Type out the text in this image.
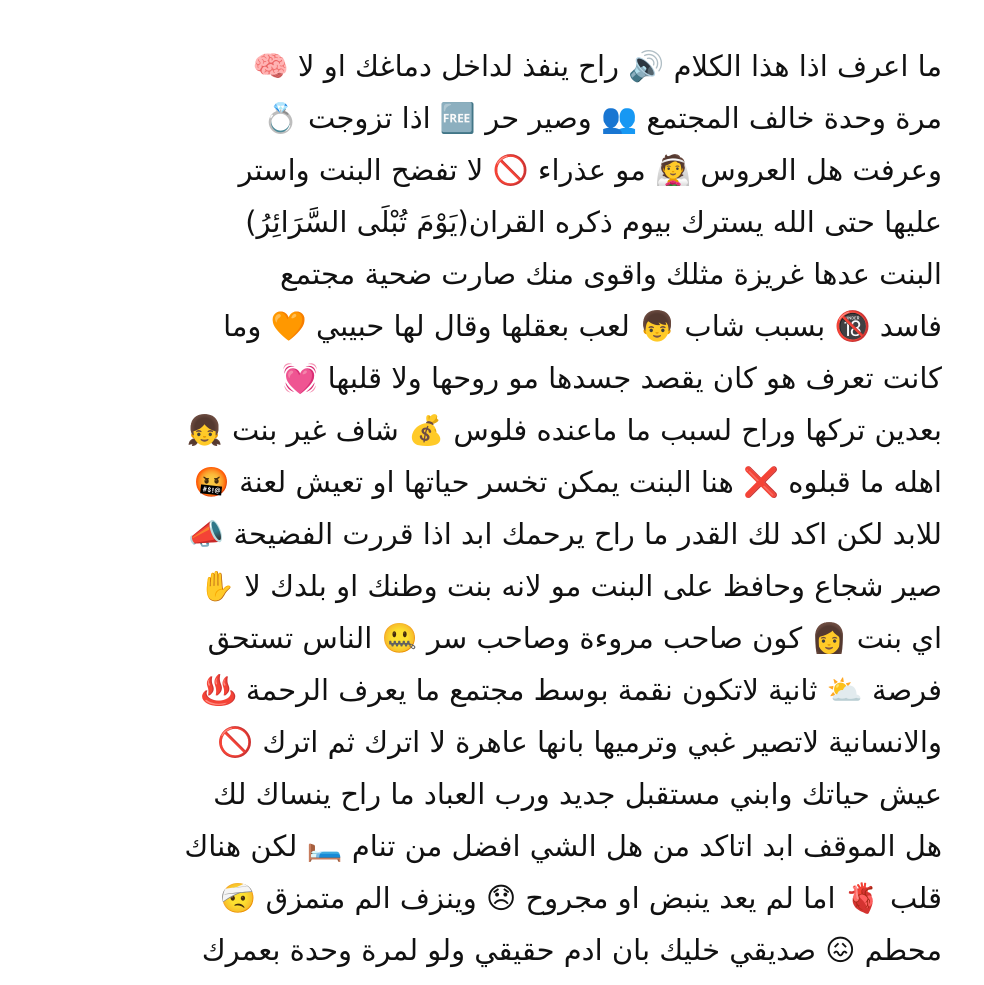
ما اعرف اذا هذا الكلام 🔊 راح ينفذ لداخل دماغك او لا 🧠
مرة وحدة خالف المجتمع 👥 وصير حر 🆓 اذا تزوجت 💍
وعرفت هل العروس 👰 مو عذراء 🚫 لا تفضح البنت واستر
عليها حتى الله يسترك بيوم ذكره القران(يَوْمَ تُبْلَى السَّرَائِرُ)
البنت عدها غريزة مثلك واقوى منك صارت ضحية مجتمع
فاسد 🔞 بسبب شاب 👦 لعب بعقلها وقال لها حبيبي 🧡 وما
كانت تعرف هو كان يقصد جسدها مو روحها ولا قلبها 💓
بعدين تركها وراح لسبب ما ماعنده فلوس 💰 شاف غير بنت 👧
اهله ما قبلوه ❌ هنا البنت يمكن تخسر حياتها او تعيش لعنة 🤬
للابد لكن اكد لك القدر ما راح يرحمك ابد اذا قررت الفضيحة 📣
صير شجاع وحافظ على البنت مو لانه بنت وطنك او بلدك لا ✋
اي بنت 👩 كون صاحب مروءة وصاحب سر 🤐 الناس تستحق
فرصة ⛅ ثانية لاتكون نقمة بوسط مجتمع ما يعرف الرحمة ♨️
والانسانية لاتصير غبي وترميها بانها عاهرة لا اترك ثم اترك 🚫
عيش حياتك وابني مستقبل جديد ورب العباد ما راح ينساك لك
هل الموقف ابد اتاكد من هل الشي افضل من تنام 🛏️ لكن هناك
قلب 🫀 اما لم يعد ينبض او مجروح 😞 وينزف الم متمزق 🤕
محطم 😖 صديقي خليك بان ادم حقيقي ولو لمرة وحدة بعمرك
